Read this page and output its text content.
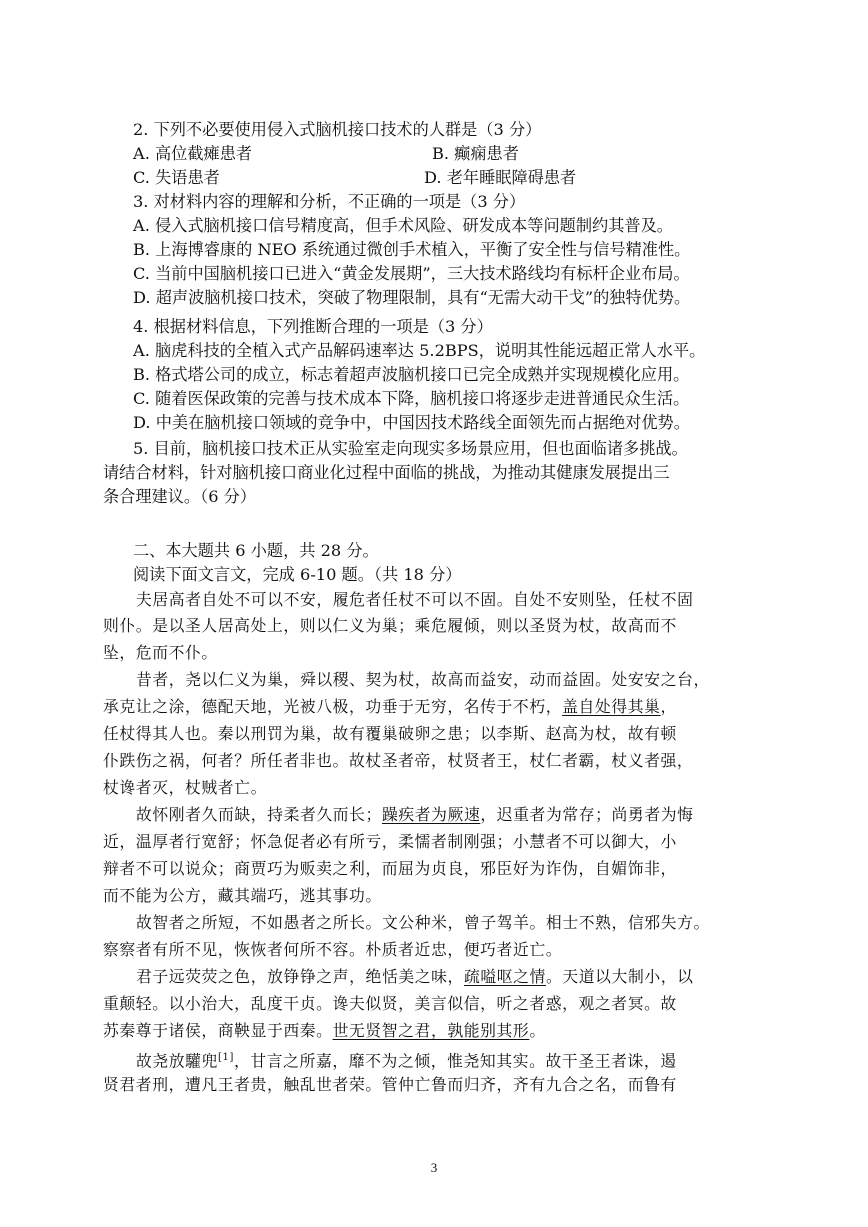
2. 下列不必要使用侵入式脑机接口技术的人群是（3 分）
A. 高位截瘫患者	B. 癫痫患者
C. 失语患者	D. 老年睡眠障碍患者
3. 对材料内容的理解和分析，不正确的一项是（3 分）
A. 侵入式脑机接口信号精度高，但手术风险、研发成本等问题制约其普及。
B. 上海博睿康的 NEO 系统通过微创手术植入，平衡了安全性与信号精准性。
C. 当前中国脑机接口已进入“黄金发展期”，三大技术路线均有标杆企业布局。
D. 超声波脑机接口技术，突破了物理限制，具有“无需大动干戈”的独特优势。
4. 根据材料信息，下列推断合理的一项是（3 分）
A. 脑虎科技的全植入式产品解码速率达 5.2BPS，说明其性能远超正常人水平。
B. 格式塔公司的成立，标志着超声波脑机接口已完全成熟并实现规模化应用。
C. 随着医保政策的完善与技术成本下降，脑机接口将逐步走进普通民众生活。
D. 中美在脑机接口领域的竞争中，中国因技术路线全面领先而占据绝对优势。
5. 目前，脑机接口技术正从实验室走向现实多场景应用，但也面临诸多挑战。
请结合材料，针对脑机接口商业化过程中面临的挑战，为推动其健康发展提出三
条合理建议。（6 分）
二、本大题共 6 小题，共 28 分。
阅读下面文言文，完成 6-10 题。（共 18 分）
夫居高者自处不可以不安，履危者任杖不可以不固。自处不安则坠，任杖不固
则仆。是以圣人居高处上，则以仁义为巢；乘危履倾，则以圣贤为杖，故高而不
坠，危而不仆。
昔者，尧以仁义为巢，舜以稷、契为杖，故高而益安，动而益固。处安安之台，
承克让之涂，德配天地，光被八极，功垂于无穷，名传于不朽，盖自处得其巢，
任杖得其人也。秦以刑罚为巢，故有覆巢破卵之患；以李斯、赵高为杖，故有顿
仆跌伤之祸，何者？所任者非也。故杖圣者帝，杖贤者王，杖仁者霸，杖义者强，
杖谗者灭，杖贼者亡。
故怀刚者久而缺，持柔者久而长；躁疾者为厥速，迟重者为常存；尚勇者为悔
近，温厚者行宽舒；怀急促者必有所亏，柔懦者制刚强；小慧者不可以御大，小
辩者不可以说众；商贾巧为贩卖之利，而屈为贞良，邪臣好为诈伪，自媚饰非，
而不能为公方，藏其端巧，逃其事功。
故智者之所短，不如愚者之所长。文公种米，曾子驾羊。相士不熟，信邪失方。
察察者有所不见，恢恢者何所不容。朴质者近忠，便巧者近亡。
君子远荧荧之色，放铮铮之声，绝恬美之味，疏嗌呕之情。天道以大制小，以
重颠轻。以小治大，乱度干贞。谗夫似贤，美言似信，听之者惑，观之者冥。故
苏秦尊于诸侯，商鞅显于西秦。世无贤智之君，孰能别其形。
故尧放驩兜[1]，甘言之所嘉，靡不为之倾，惟尧知其实。故干圣王者诛，遏
贤君者刑，遭凡王者贵，触乱世者荣。管仲亡鲁而归齐，齐有九合之名，而鲁有
3
